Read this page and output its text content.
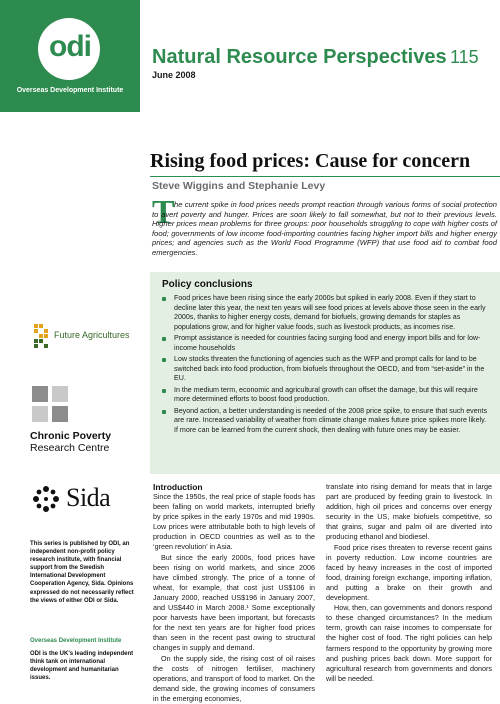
odi
Overseas Development Institute
Natural Resource Perspectives 115
June 2008
Rising food prices: Cause for concern
Steve Wiggins and Stephanie Levy
T he current spike in food prices needs prompt reaction through various forms of social protection to avert poverty and hunger. Prices are soon likely to fall somewhat, but not to their previous levels. Higher prices mean problems for three groups: poor households struggling to cope with higher costs of food; governments of low income food-importing countries facing higher import bills and higher energy prices; and agencies such as the World Food Programme (WFP) that use food aid to combat food emergencies.
Policy conclusions
Food prices have been rising since the early 2000s but spiked in early 2008. Even if they start to decline later this year, the next ten years will see food prices at levels above those seen in the early 2000s, thanks to higher energy costs, demand for biofuels, growing demands for staples as populations grow, and for higher value foods, such as livestock products, as incomes rise.
Prompt assistance is needed for countries facing surging food and energy import bills and for low-income households
Low stocks threaten the functioning of agencies such as the WFP and prompt calls for land to be switched back into food production, from biofuels throughout the OECD, and from “set-aside” in the EU.
In the medium term, economic and agricultural growth can offset the damage, but this will require more determined efforts to boost food production.
Beyond action, a better understanding is needed of the 2008 price spike, to ensure that such events are rare. Increased variability of weather from climate change makes future price spikes more likely. If more can be learned from the current shock, then dealing with future ones may be easier.
Introduction

Since the 1950s, the real price of staple foods has been falling on world markets, interrupted briefly by price spikes in the early 1970s and mid 1990s. Low prices were attributable both to high levels of production in OECD countries as well as to the ‘green revolution’ in Asia.

But since the early 2000s, food prices have been rising on world markets, and since 2006 have climbed strongly. The price of a tonne of wheat, for example, that cost just US$106 in January 2000, reached US$196 in January 2007, and US$440 in March 2008.¹ Some exceptionally poor harvests have been important, but forecasts for the next ten years are for higher food prices than seen in the recent past owing to structural changes in supply and demand.

On the supply side, the rising cost of oil raises the costs of nitrogen fertiliser, machinery operations, and transport of food to market. On the demand side, the growing incomes of consumers in the emerging economies,

translate into rising demand for meats that in large part are produced by feeding grain to livestock. In addition, high oil prices and concerns over energy security in the US, make biofuels competitive, so that grains, sugar and palm oil are diverted into producing ethanol and biodiesel.

Food price rises threaten to reverse recent gains in poverty reduction. Low income countries are faced by heavy increases in the cost of imported food, draining foreign exchange, importing inflation, and putting a brake on their growth and development.

How, then, can governments and donors respond to these changed circumstances? In the medium term, growth can raise incomes to compensate for the higher cost of food. The right policies can help farmers respond to the opportunity by growing more and pushing prices back down. More support for agricultural research from governments and donors will be needed.

Future Agricultures
Chronic Poverty
Research Centre
Sida
This series is published by ODI, an independent non-profit policy research institute, with financial support from the Swedish International Development Cooperation Agency, Sida. Opinions expressed do not necessarily reflect the views of either ODI or Sida.
Overseas Development Institute
ODI is the UK's leading independent think tank on international development and humanitarian issues.
